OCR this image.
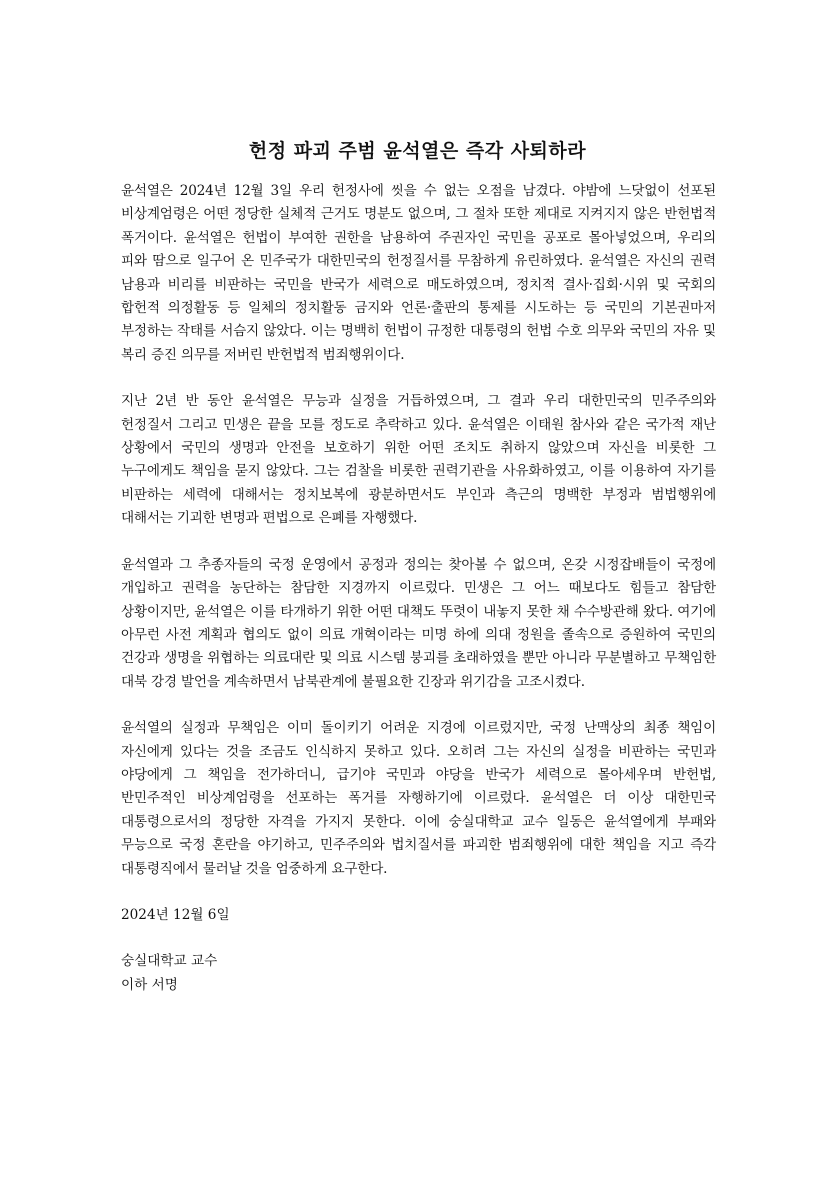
헌정 파괴 주범 윤석열은 즉각 사퇴하라

윤석열은 2024년 12월 3일 우리 헌정사에 씻을 수 없는 오점을 남겼다. 야밤에 느닷없이 선포된 비상계엄령은 어떤 정당한 실체적 근거도 명분도 없으며, 그 절차 또한 제대로 지켜지지 않은 반헌법적 폭거이다. 윤석열은 헌법이 부여한 권한을 남용하여 주권자인 국민을 공포로 몰아넣었으며, 우리의 피와 땀으로 일구어 온 민주국가 대한민국의 헌정질서를 무참하게 유린하였다. 윤석열은 자신의 권력 남용과 비리를 비판하는 국민을 반국가 세력으로 매도하였으며, 정치적 결사·집회·시위 및 국회의 합헌적 의정활동 등 일체의 정치활동 금지와 언론·출판의 통제를 시도하는 등 국민의 기본권마저 부정하는 작태를 서슴지 않았다. 이는 명백히 헌법이 규정한 대통령의 헌법 수호 의무와 국민의 자유 및 복리 증진 의무를 저버린 반헌법적 범죄행위이다.

지난 2년 반 동안 윤석열은 무능과 실정을 거듭하였으며, 그 결과 우리 대한민국의 민주주의와 헌정질서 그리고 민생은 끝을 모를 정도로 추락하고 있다. 윤석열은 이태원 참사와 같은 국가적 재난 상황에서 국민의 생명과 안전을 보호하기 위한 어떤 조치도 취하지 않았으며 자신을 비롯한 그 누구에게도 책임을 묻지 않았다. 그는 검찰을 비롯한 권력기관을 사유화하였고, 이를 이용하여 자기를 비판하는 세력에 대해서는 정치보복에 광분하면서도 부인과 측근의 명백한 부정과 범법행위에 대해서는 기괴한 변명과 편법으로 은폐를 자행했다.

윤석열과 그 추종자들의 국정 운영에서 공정과 정의는 찾아볼 수 없으며, 온갖 시정잡배들이 국정에 개입하고 권력을 농단하는 참담한 지경까지 이르렀다. 민생은 그 어느 때보다도 힘들고 참담한 상황이지만, 윤석열은 이를 타개하기 위한 어떤 대책도 뚜렷이 내놓지 못한 채 수수방관해 왔다. 여기에 아무런 사전 계획과 협의도 없이 의료 개혁이라는 미명 하에 의대 정원을 졸속으로 증원하여 국민의 건강과 생명을 위협하는 의료대란 및 의료 시스템 붕괴를 초래하였을 뿐만 아니라 무분별하고 무책임한 대북 강경 발언을 계속하면서 남북관계에 불필요한 긴장과 위기감을 고조시켰다.

윤석열의 실정과 무책임은 이미 돌이키기 어려운 지경에 이르렀지만, 국정 난맥상의 최종 책임이 자신에게 있다는 것을 조금도 인식하지 못하고 있다. 오히려 그는 자신의 실정을 비판하는 국민과 야당에게 그 책임을 전가하더니, 급기야 국민과 야당을 반국가 세력으로 몰아세우며 반헌법, 반민주적인 비상계엄령을 선포하는 폭거를 자행하기에 이르렀다. 윤석열은 더 이상 대한민국 대통령으로서의 정당한 자격을 가지지 못한다. 이에 숭실대학교 교수 일동은 윤석열에게 부패와 무능으로 국정 혼란을 야기하고, 민주주의와 법치질서를 파괴한 범죄행위에 대한 책임을 지고 즉각 대통령직에서 물러날 것을 엄중하게 요구한다.

2024년 12월 6일

숭실대학교 교수

이하 서명
